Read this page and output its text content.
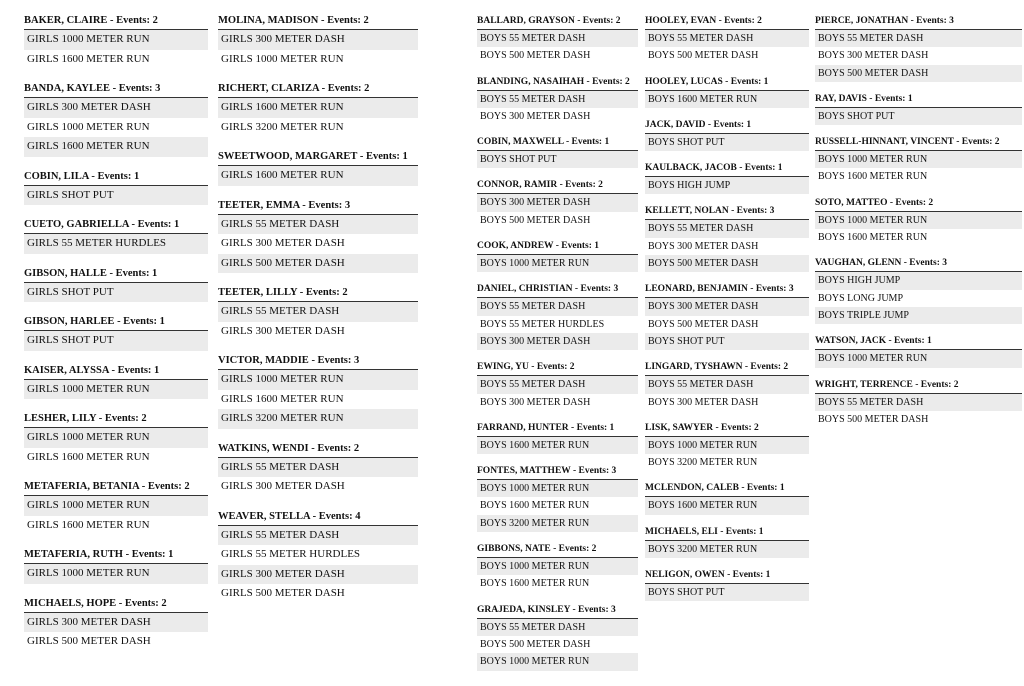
BAKER, CLAIRE - Events: 2
GIRLS 1000 METER RUN
GIRLS 1600 METER RUN
BANDA, KAYLEE - Events: 3
GIRLS 300 METER DASH
GIRLS 1000 METER RUN
GIRLS 1600 METER RUN
COBIN, LILA - Events: 1
GIRLS SHOT PUT
CUETO, GABRIELLA - Events: 1
GIRLS 55 METER HURDLES
GIBSON, HALLE - Events: 1
GIRLS SHOT PUT
GIBSON, HARLEE - Events: 1
GIRLS SHOT PUT
KAISER, ALYSSA - Events: 1
GIRLS 1000 METER RUN
LESHER, LILY - Events: 2
GIRLS 1000 METER RUN
GIRLS 1600 METER RUN
METAFERIA, BETANIA - Events: 2
GIRLS 1000 METER RUN
GIRLS 1600 METER RUN
METAFERIA, RUTH - Events: 1
GIRLS 1000 METER RUN
MICHAELS, HOPE - Events: 2
GIRLS 300 METER DASH
GIRLS 500 METER DASH
MOLINA, MADISON - Events: 2
GIRLS 300 METER DASH
GIRLS 1000 METER RUN
RICHERT, CLARIZA - Events: 2
GIRLS 1600 METER RUN
GIRLS 3200 METER RUN
SWEETWOOD, MARGARET - Events: 1
GIRLS 1600 METER RUN
TEETER, EMMA - Events: 3
GIRLS 55 METER DASH
GIRLS 300 METER DASH
GIRLS 500 METER DASH
TEETER, LILLY - Events: 2
GIRLS 55 METER DASH
GIRLS 300 METER DASH
VICTOR, MADDIE - Events: 3
GIRLS 1000 METER RUN
GIRLS 1600 METER RUN
GIRLS 3200 METER RUN
WATKINS, WENDI - Events: 2
GIRLS 55 METER DASH
GIRLS 300 METER DASH
WEAVER, STELLA - Events: 4
GIRLS 55 METER DASH
GIRLS 55 METER HURDLES
GIRLS 300 METER DASH
GIRLS 500 METER DASH
BALLARD, GRAYSON - Events: 2
BOYS 55 METER DASH
BOYS 500 METER DASH
BLANDING, NASAIHAH - Events: 2
BOYS 55 METER DASH
BOYS 300 METER DASH
COBIN, MAXWELL - Events: 1
BOYS SHOT PUT
CONNOR, RAMIR - Events: 2
BOYS 300 METER DASH
BOYS 500 METER DASH
COOK, ANDREW - Events: 1
BOYS 1000 METER RUN
DANIEL, CHRISTIAN - Events: 3
BOYS 55 METER DASH
BOYS 55 METER HURDLES
BOYS 300 METER DASH
EWING, YU - Events: 2
BOYS 55 METER DASH
BOYS 300 METER DASH
FARRAND, HUNTER - Events: 1
BOYS 1600 METER RUN
FONTES, MATTHEW - Events: 3
BOYS 1000 METER RUN
BOYS 1600 METER RUN
BOYS 3200 METER RUN
GIBBONS, NATE - Events: 2
BOYS 1000 METER RUN
BOYS 1600 METER RUN
GRAJEDA, KINSLEY - Events: 3
BOYS 55 METER DASH
BOYS 500 METER DASH
BOYS 1000 METER RUN
HOOLEY, EVAN - Events: 2
BOYS 55 METER DASH
BOYS 500 METER DASH
HOOLEY, LUCAS - Events: 1
BOYS 1600 METER RUN
JACK, DAVID - Events: 1
BOYS SHOT PUT
KAULBACK, JACOB - Events: 1
BOYS HIGH JUMP
KELLETT, NOLAN - Events: 3
BOYS 55 METER DASH
BOYS 300 METER DASH
BOYS 500 METER DASH
LEONARD, BENJAMIN - Events: 3
BOYS 300 METER DASH
BOYS 500 METER DASH
BOYS SHOT PUT
LINGARD, TYSHAWN - Events: 2
BOYS 55 METER DASH
BOYS 300 METER DASH
LISK, SAWYER - Events: 2
BOYS 1000 METER RUN
BOYS 3200 METER RUN
MCLENDON, CALEB - Events: 1
BOYS 1600 METER RUN
MICHAELS, ELI - Events: 1
BOYS 3200 METER RUN
NELIGON, OWEN - Events: 1
BOYS SHOT PUT
PIERCE, JONATHAN - Events: 3
BOYS 55 METER DASH
BOYS 300 METER DASH
BOYS 500 METER DASH
RAY, DAVIS - Events: 1
BOYS SHOT PUT
RUSSELL-HINNANT, VINCENT - Events: 2
BOYS 1000 METER RUN
BOYS 1600 METER RUN
SOTO, MATTEO - Events: 2
BOYS 1000 METER RUN
BOYS 1600 METER RUN
VAUGHAN, GLENN - Events: 3
BOYS HIGH JUMP
BOYS LONG JUMP
BOYS TRIPLE JUMP
WATSON, JACK - Events: 1
BOYS 1000 METER RUN
WRIGHT, TERRENCE - Events: 2
BOYS 55 METER DASH
BOYS 500 METER DASH
